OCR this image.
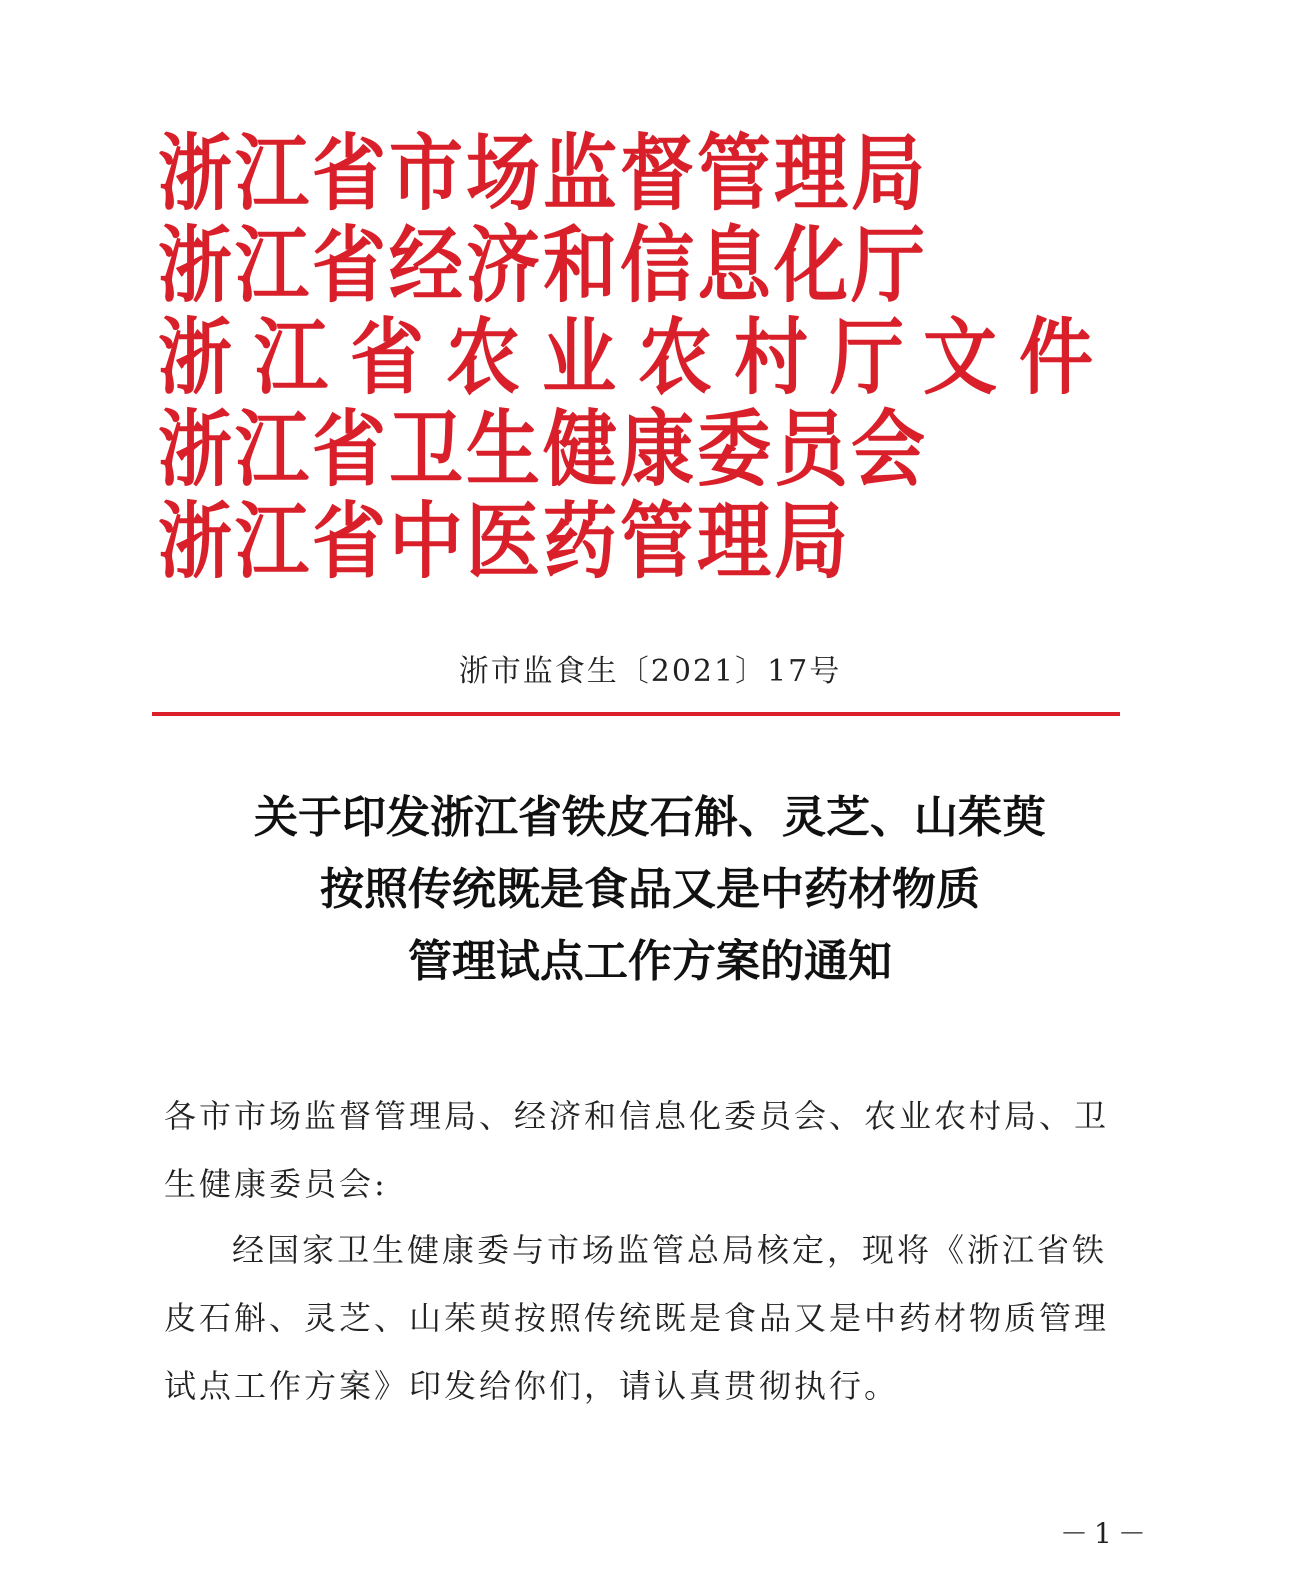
浙江省市场监督管理局
浙江省经济和信息化厅
浙江省农业农村厅
浙江省卫生健康委员会
浙江省中医药管理局
文件
浙市监食生〔2021〕17号
关于印发浙江省铁皮石斛、灵芝、山茱萸
按照传统既是食品又是中药材物质
管理试点工作方案的通知
各市市场监督管理局、经济和信息化委员会、农业农村局、卫生健康委员会:
经国家卫生健康委与市场监管总局核定，现将《浙江省铁皮石斛、灵芝、山茱萸按照传统既是食品又是中药材物质管理试点工作方案》印发给你们，请认真贯彻执行。
－1－
